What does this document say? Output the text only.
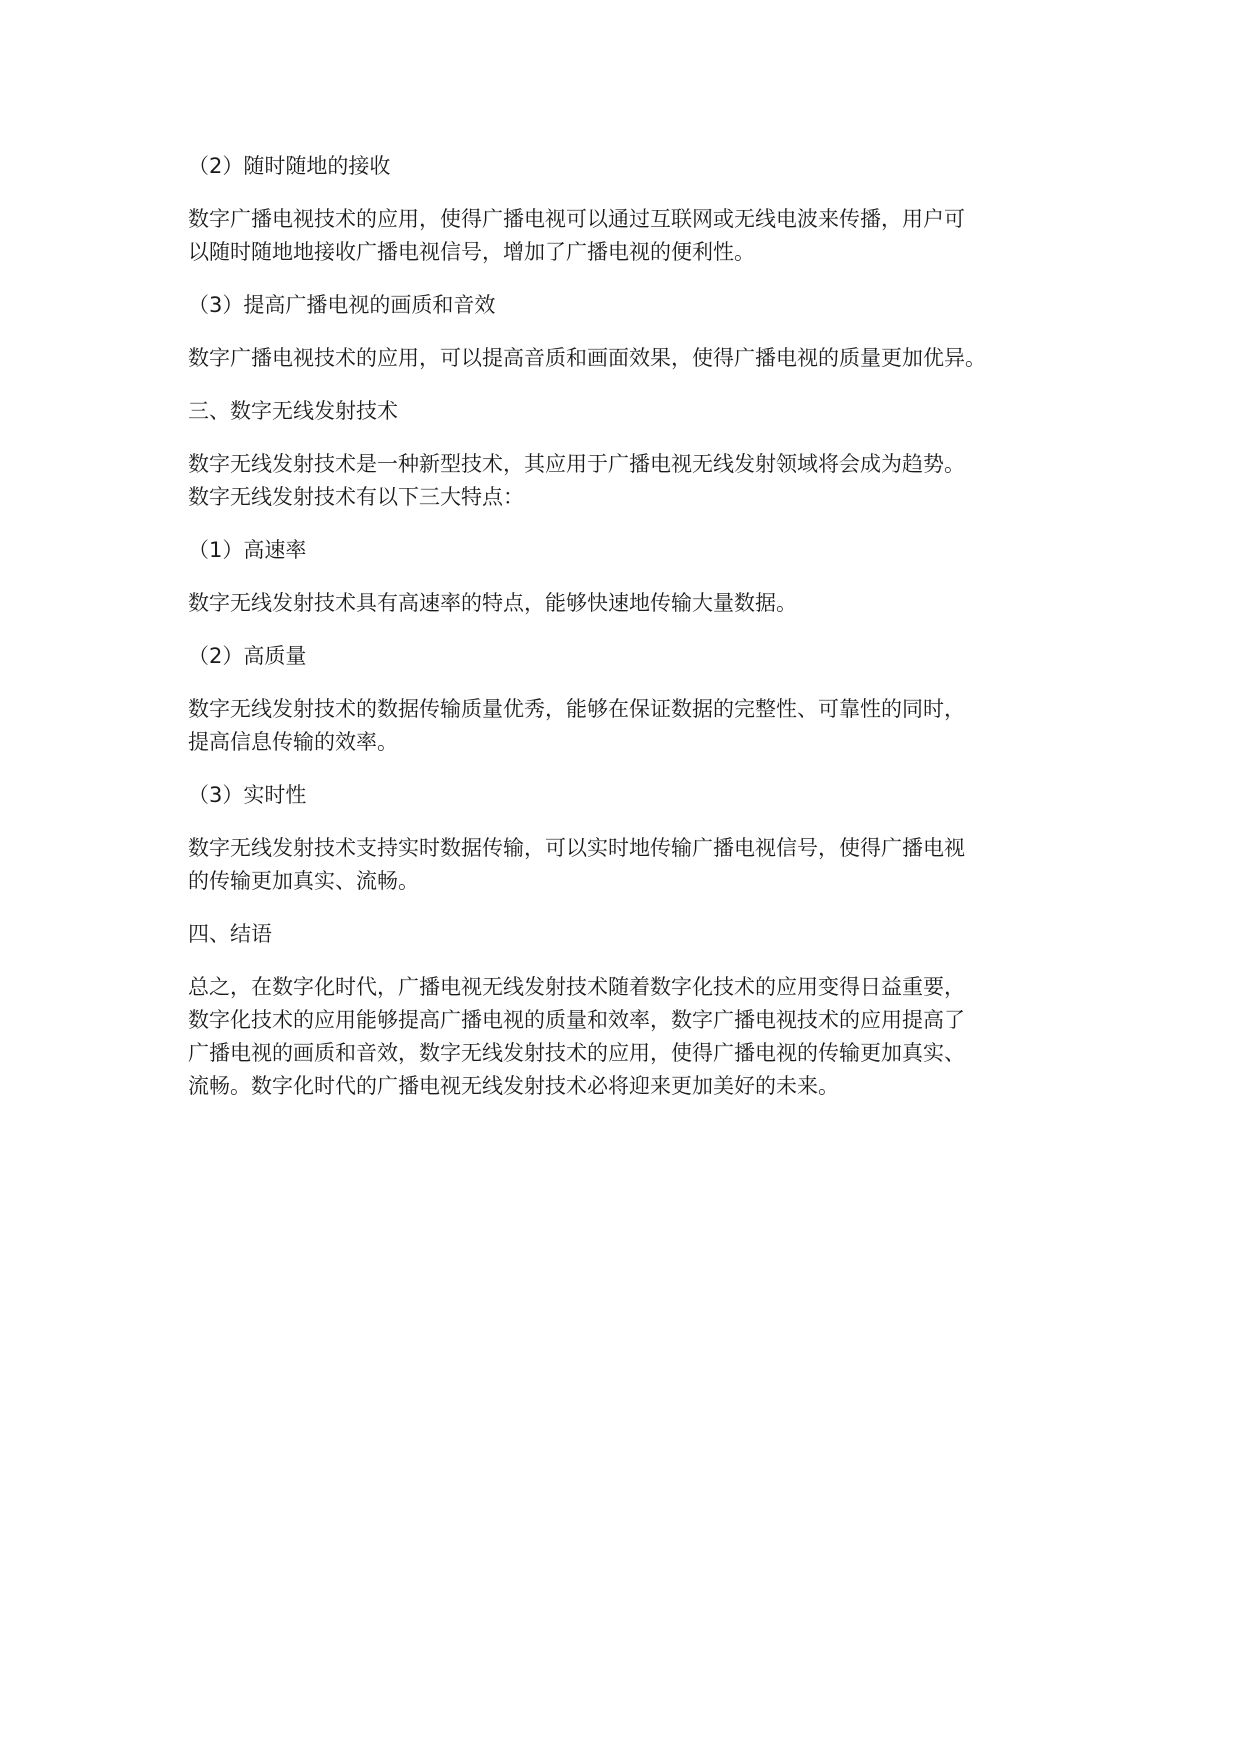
（2）随时随地的接收
数字广播电视技术的应用，使得广播电视可以通过互联网或无线电波来传播，用户可
以随时随地地接收广播电视信号，增加了广播电视的便利性。
（3）提高广播电视的画质和音效
数字广播电视技术的应用，可以提高音质和画面效果，使得广播电视的质量更加优异。
三、数字无线发射技术
数字无线发射技术是一种新型技术，其应用于广播电视无线发射领域将会成为趋势。
数字无线发射技术有以下三大特点：
（1）高速率
数字无线发射技术具有高速率的特点，能够快速地传输大量数据。
（2）高质量
数字无线发射技术的数据传输质量优秀，能够在保证数据的完整性、可靠性的同时，
提高信息传输的效率。
（3）实时性
数字无线发射技术支持实时数据传输，可以实时地传输广播电视信号，使得广播电视
的传输更加真实、流畅。
四、结语
总之，在数字化时代，广播电视无线发射技术随着数字化技术的应用变得日益重要，
数字化技术的应用能够提高广播电视的质量和效率，数字广播电视技术的应用提高了
广播电视的画质和音效，数字无线发射技术的应用，使得广播电视的传输更加真实、
流畅。数字化时代的广播电视无线发射技术必将迎来更加美好的未来。
